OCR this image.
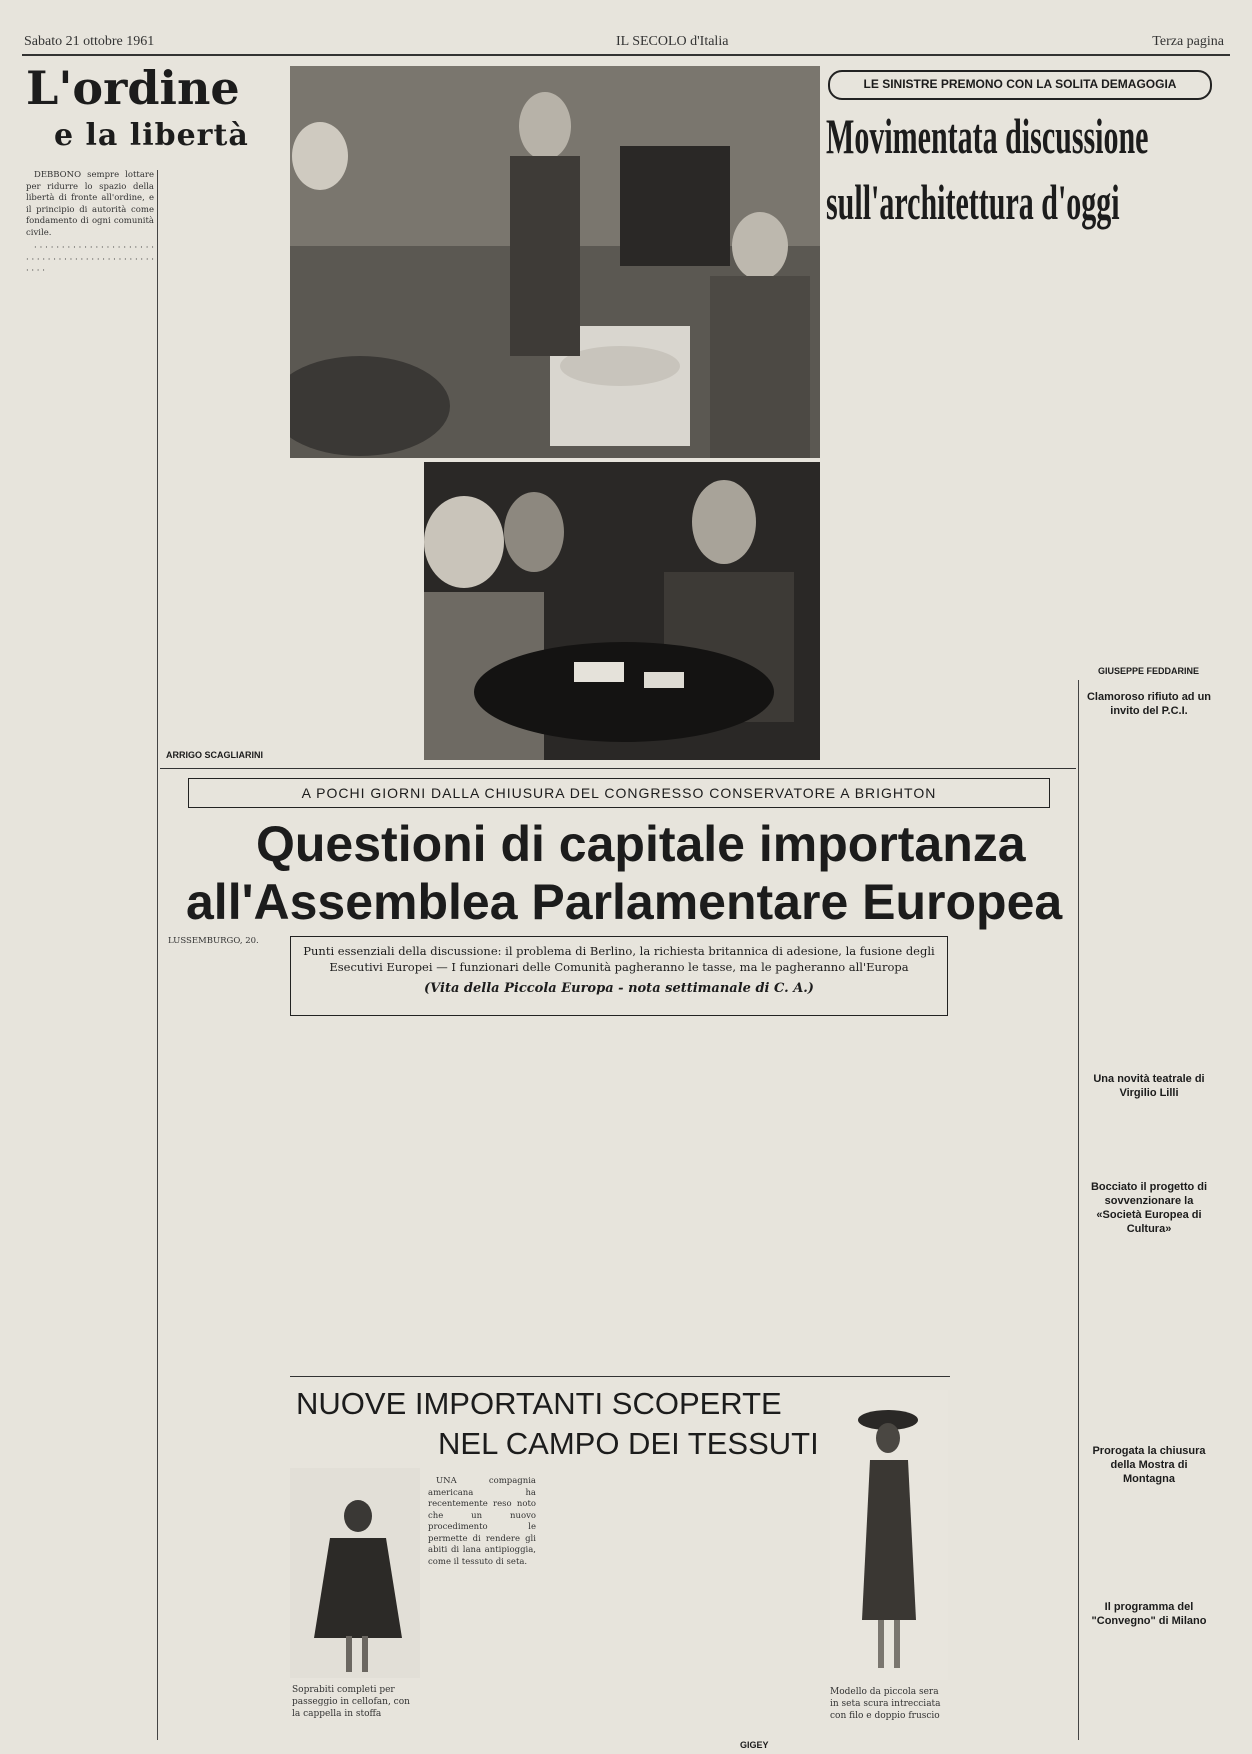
Sabato 21 ottobre 1961	IL SECOLO d'Italia	Terza pagina
L'ordine
e la libertà

DEBBONO sempre lottare per ridurre lo spazio della libertà di fronte all'ordine, e il principio di autorità come fondamento di ogni comunità civile.

· · · · · · · · · · · · · · · · · · · · · · · · · · · · · · · · · · · · · · · · · · · · · · · · · ·

ARRIGO SCAGLIARINI
LE SINISTRE PREMONO CON LA SOLITA DEMAGOGIA
Movimentata discussione
sull'architettura d'oggi
GIUSEPPE FEDDARINE
Clamoroso rifiuto ad un invito del P.C.I.
Una novità teatrale di Virgilio Lilli
Bocciato il progetto di sovvenzionare la «Società Europea di Cultura»
Prorogata la chiusura della Mostra di Montagna
Il programma del "Convegno" di Milano
A POCHI GIORNI DALLA CHIUSURA DEL CONGRESSO CONSERVATORE A BRIGHTON
Questioni di capitale importanza
all'Assemblea Parlamentare Europea

LUSSEMBURGO, 20.

Punti essenziali della discussione: il problema di Berlino, la richiesta britannica di adesione, la fusione degli Esecutivi Europei — I funzionari delle Comunità pagheranno le tasse, ma le pagheranno all'Europa
(Vita della Piccola Europa - nota settimanale di C. A.)
NUOVE IMPORTANTI SCOPERTE
NEL CAMPO DEI TESSUTI
Soprabiti completi per passeggio in cellofan, con la cappella in stoffa

UNA compagnia americana ha recentemente reso noto che un nuovo procedimento le permette di rendere gli abiti di lana antipioggia, come il tessuto di seta.

GIGEY
Modello da piccola sera in seta scura intrecciata con filo e doppio fruscio
